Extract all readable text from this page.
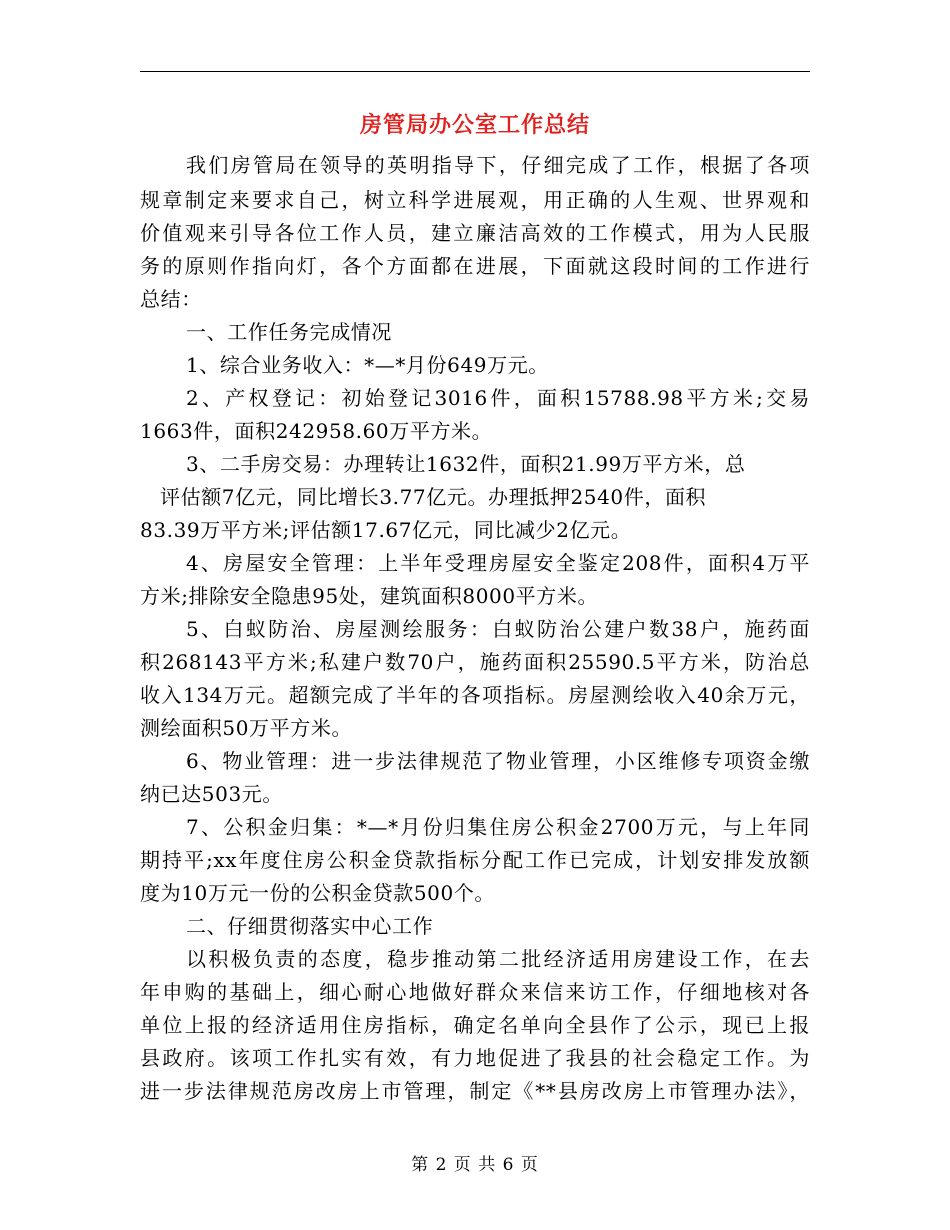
房管局办公室工作总结
我们房管局在领导的英明指导下，仔细完成了工作，根据了各项
规章制定来要求自己，树立科学进展观，用正确的人生观、世界观和
价值观来引导各位工作人员，建立廉洁高效的工作模式，用为人民服
务的原则作指向灯，各个方面都在进展，下面就这段时间的工作进行
总结：
一、工作任务完成情况
1、综合业务收入：*—*月份649万元。
2、产权登记：初始登记3016件，面积15788.98平方米;交易
1663件，面积242958.60万平方米。
3、二手房交易：办理转让1632件，面积21.99万平方米，总
评估额7亿元，同比增长3.77亿元。办理抵押2540件，面积
83.39万平方米;评估额17.67亿元，同比减少2亿元。
4、房屋安全管理：上半年受理房屋安全鉴定208件，面积4万平
方米;排除安全隐患95处，建筑面积8000平方米。
5、白蚁防治、房屋测绘服务：白蚁防治公建户数38户，施药面
积268143平方米;私建户数70户，施药面积25590.5平方米，防治总
收入134万元。超额完成了半年的各项指标。房屋测绘收入40余万元，
测绘面积50万平方米。
6、物业管理：进一步法律规范了物业管理，小区维修专项资金缴
纳已达503元。
7、公积金归集：*—*月份归集住房公积金2700万元，与上年同
期持平;xx年度住房公积金贷款指标分配工作已完成，计划安排发放额
度为10万元一份的公积金贷款500个。
二、仔细贯彻落实中心工作
以积极负责的态度，稳步推动第二批经济适用房建设工作，在去
年申购的基础上，细心耐心地做好群众来信来访工作，仔细地核对各
单位上报的经济适用住房指标，确定名单向全县作了公示，现已上报
县政府。该项工作扎实有效，有力地促进了我县的社会稳定工作。为
进一步法律规范房改房上市管理，制定《**县房改房上市管理办法》，
第 2 页 共 6 页
